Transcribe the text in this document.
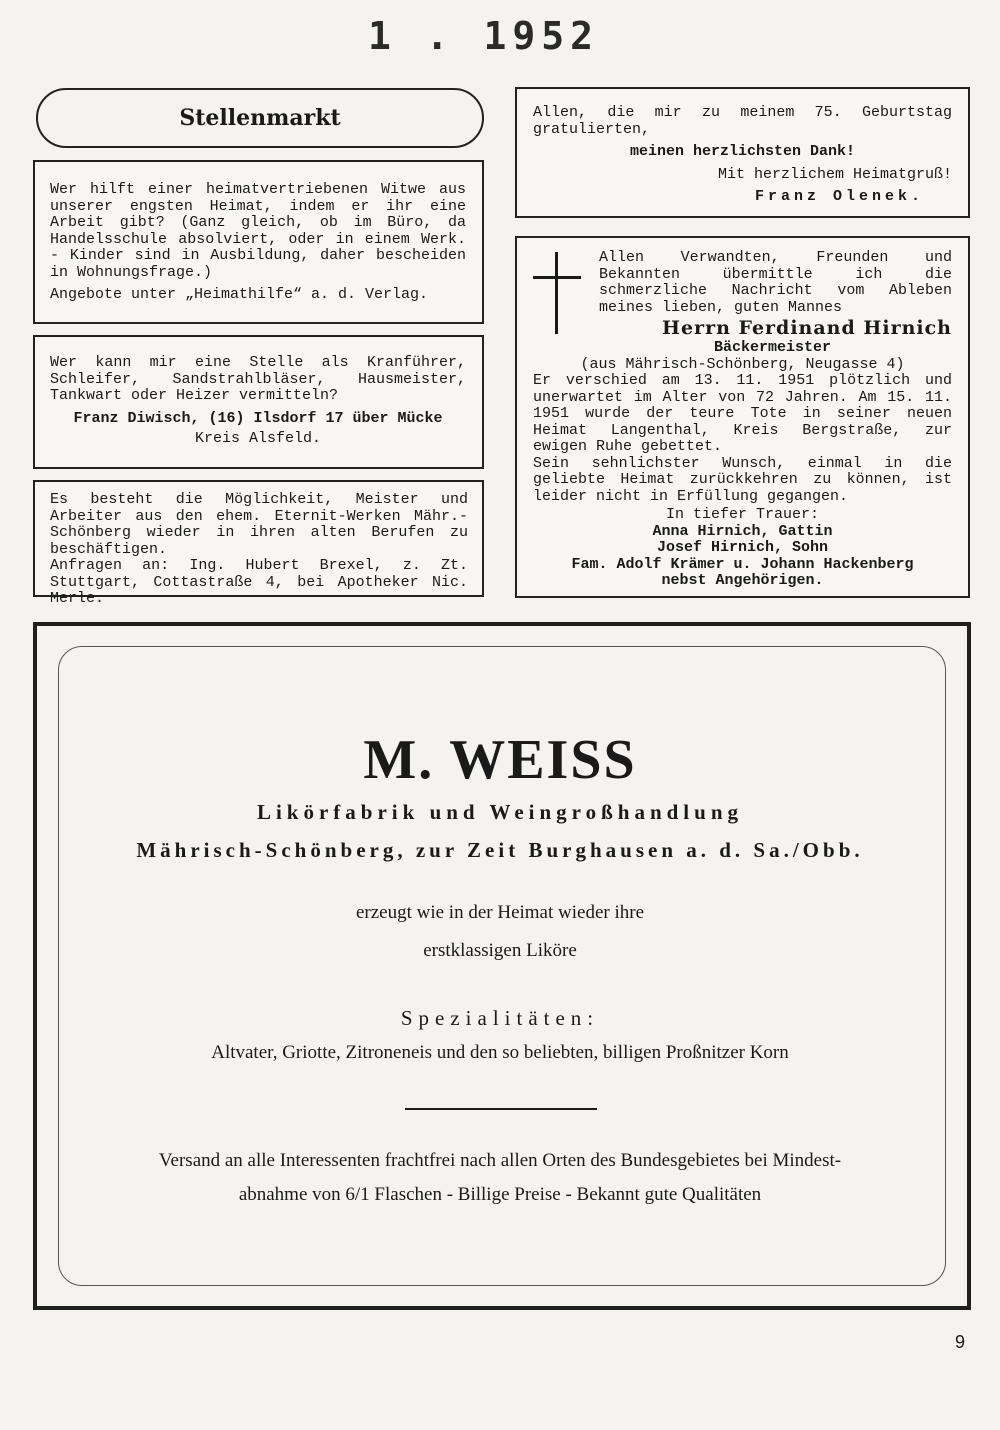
1 . 1952
Stellenmarkt

Wer hilft einer heimatvertriebenen Witwe aus unserer engsten Heimat, indem er ihr eine Arbeit gibt? (Ganz gleich, ob im Büro, da Handelsschule absolviert, oder in einem Werk. - Kinder sind in Ausbildung, daher bescheiden in Wohnungsfrage.)

Angebote unter „Heimathilfe“ a. d. Verlag.

Wer kann mir eine Stelle als Kranführer, Schleifer, Sandstrahlbläser, Hausmeister, Tankwart oder Heizer vermitteln?

Franz Diwisch, (16) Ilsdorf 17 über Mücke

Kreis Alsfeld.

Es besteht die Möglichkeit, Meister und Arbeiter aus den ehem. Eternit-Werken Mähr.-Schönberg wieder in ihren alten Berufen zu beschäftigen.

Anfragen an: Ing. Hubert Brexel, z. Zt. Stuttgart, Cottastraße 4, bei Apotheker Nic. Merle.

Allen, die mir zu meinem 75. Geburtstag gratulierten,

meinen herzlichsten Dank!

Mit herzlichem Heimatgruß!

Franz Olenek.

Allen Verwandten, Freunden und Bekannten übermittle ich die schmerzliche Nachricht vom Ableben meines lieben, guten Mannes

Herrn Ferdinand Hirnich

Bäckermeister

(aus Mährisch-Schönberg, Neugasse 4)

Er verschied am 13. 11. 1951 plötzlich und unerwartet im Alter von 72 Jahren. Am 15. 11. 1951 wurde der teure Tote in seiner neuen Heimat Langenthal, Kreis Bergstraße, zur ewigen Ruhe gebettet.

Sein sehnlichster Wunsch, einmal in die geliebte Heimat zurückkehren zu können, ist leider nicht in Erfüllung gegangen.

In tiefer Trauer:

Anna Hirnich, Gattin

Josef Hirnich, Sohn

Fam. Adolf Krämer u. Johann Hackenberg

nebst Angehörigen.

M. WEISS
Likörfabrik und Weingroßhandlung
Mährisch-Schönberg, zur Zeit Burghausen a. d. Sa./Obb.
erzeugt wie in der Heimat wieder ihre
erstklassigen Liköre
Spezialitäten:
Altvater, Griotte, Zitroneneis und den so beliebten, billigen Proßnitzer Korn
Versand an alle Interessenten frachtfrei nach allen Orten des Bundesgebietes bei Mindest-
abnahme von 6/1 Flaschen - Billige Preise - Bekannt gute Qualitäten
9
